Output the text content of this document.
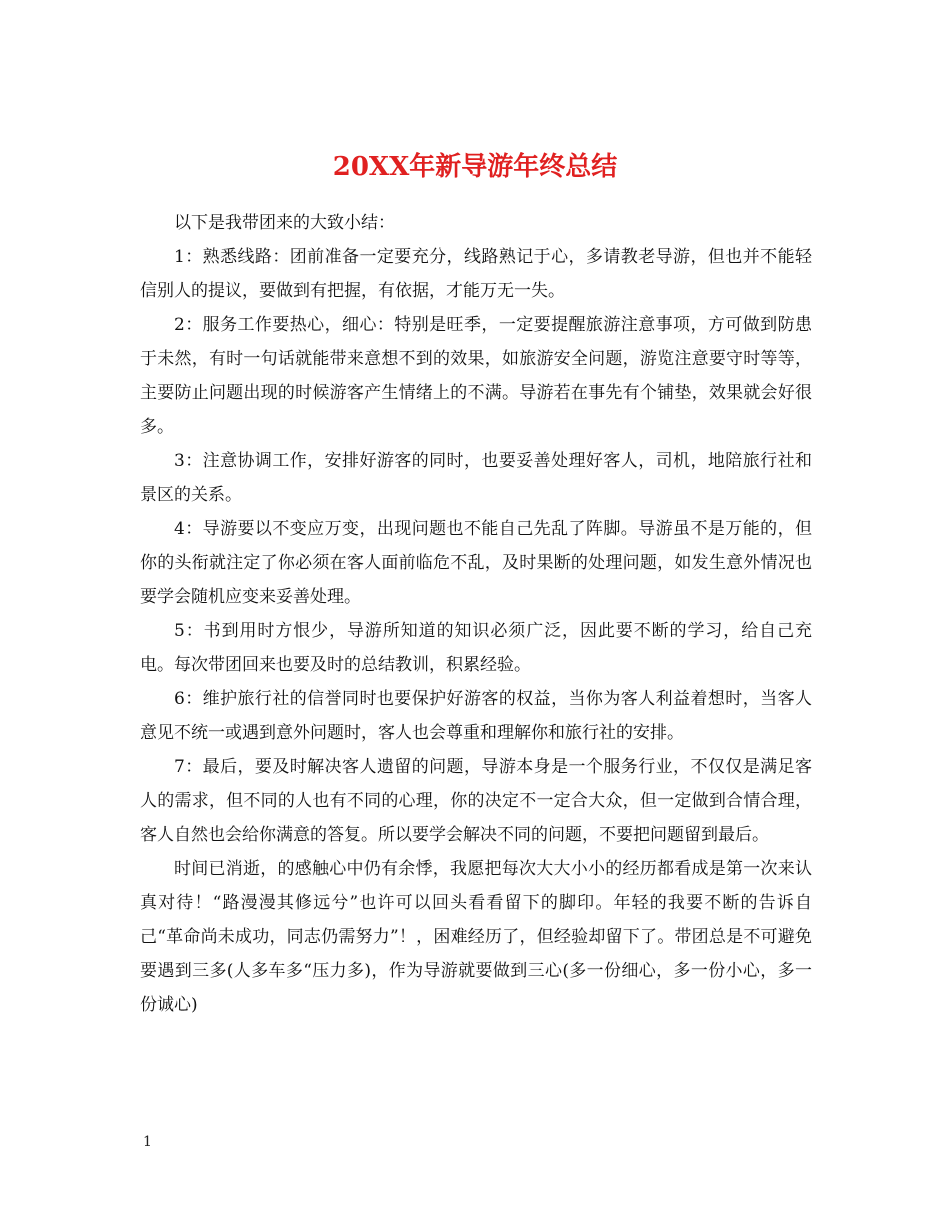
20XX年新导游年终总结

以下是我带团来的大致小结：

1：熟悉线路：团前准备一定要充分，线路熟记于心，多请教老导游，但也并不能轻信别人的提议，要做到有把握，有依据，才能万无一失。

2：服务工作要热心，细心：特别是旺季，一定要提醒旅游注意事项，方可做到防患于未然，有时一句话就能带来意想不到的效果，如旅游安全问题，游览注意要守时等等，主要防止问题出现的时候游客产生情绪上的不满。导游若在事先有个铺垫，效果就会好很多。

3：注意协调工作，安排好游客的同时，也要妥善处理好客人，司机，地陪旅行社和景区的关系。

4：导游要以不变应万变，出现问题也不能自己先乱了阵脚。导游虽不是万能的，但你的头衔就注定了你必须在客人面前临危不乱，及时果断的处理问题，如发生意外情况也要学会随机应变来妥善处理。

5：书到用时方恨少，导游所知道的知识必须广泛，因此要不断的学习，给自己充电。每次带团回来也要及时的总结教训，积累经验。

6：维护旅行社的信誉同时也要保护好游客的权益，当你为客人利益着想时，当客人意见不统一或遇到意外问题时，客人也会尊重和理解你和旅行社的安排。

7：最后，要及时解决客人遗留的问题，导游本身是一个服务行业，不仅仅是满足客人的需求，但不同的人也有不同的心理，你的决定不一定合大众，但一定做到合情合理，客人自然也会给你满意的答复。所以要学会解决不同的问题，不要把问题留到最后。

时间已消逝，的感触心中仍有余悸，我愿把每次大大小小的经历都看成是第一次来认真对待！“路漫漫其修远兮”也许可以回头看看留下的脚印。年轻的我要不断的告诉自己“革命尚未成功，同志仍需努力”！，困难经历了，但经验却留下了。带团总是不可避免要遇到三多(人多车多“压力多)，作为导游就要做到三心(多一份细心，多一份小心，多一份诚心)

1
